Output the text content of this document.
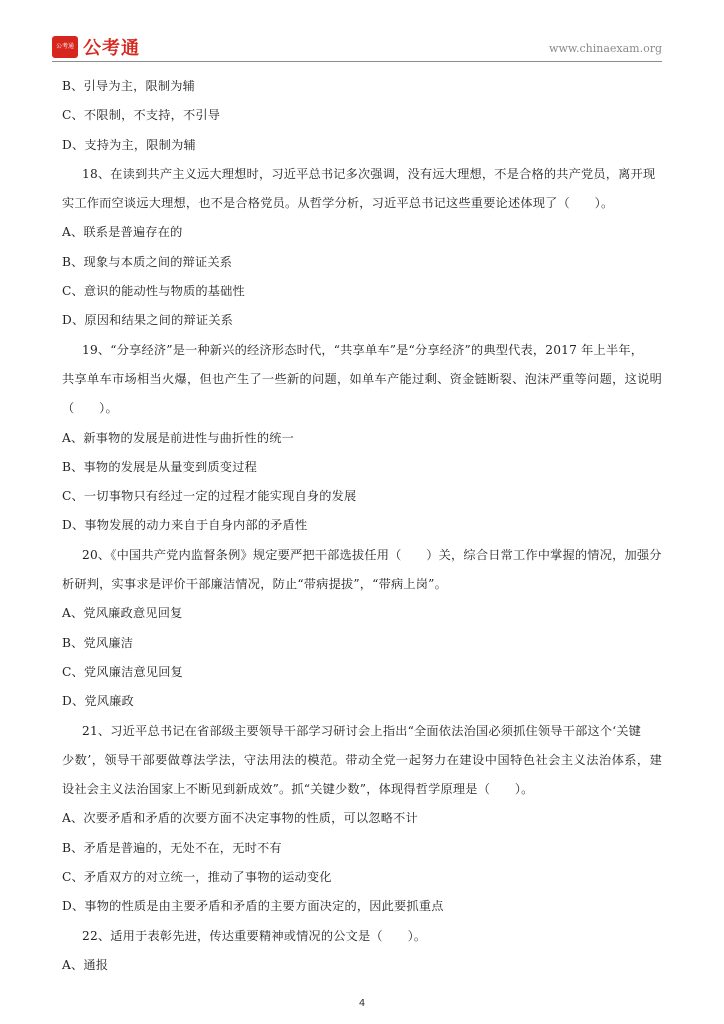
公考通 公考通	www.chinaexam.org
B、引导为主，限制为辅
C、不限制，不支持，不引导
D、支持为主，限制为辅
18、在读到共产主义远大理想时，习近平总书记多次强调，没有远大理想，不是合格的共产党员，离开现
实工作而空谈远大理想，也不是合格党员。从哲学分析，习近平总书记这些重要论述体现了（　　）。
A、联系是普遍存在的
B、现象与本质之间的辩证关系
C、意识的能动性与物质的基础性
D、原因和结果之间的辩证关系
19、“分享经济”是一种新兴的经济形态时代，“共享单车”是“分享经济”的典型代表，2017 年上半年，
共享单车市场相当火爆，但也产生了一些新的问题，如单车产能过剩、资金链断裂、泡沫严重等问题，这说明
（　　）。
A、新事物的发展是前进性与曲折性的统一
B、事物的发展是从量变到质变过程
C、一切事物只有经过一定的过程才能实现自身的发展
D、事物发展的动力来自于自身内部的矛盾性
20、《中国共产党内监督条例》规定要严把干部选拔任用（　　）关，综合日常工作中掌握的情况，加强分
析研判，实事求是评价干部廉洁情况，防止“带病提拔”，“带病上岗”。
A、党风廉政意见回复
B、党风廉洁
C、党风廉洁意见回复
D、党风廉政
21、习近平总书记在省部级主要领导干部学习研讨会上指出“全面依法治国必须抓住领导干部这个‘关键
少数’，领导干部要做尊法学法，守法用法的模范。带动全党一起努力在建设中国特色社会主义法治体系，建
设社会主义法治国家上不断见到新成效”。抓“关键少数”，体现得哲学原理是（　　）。
A、次要矛盾和矛盾的次要方面不决定事物的性质，可以忽略不计
B、矛盾是普遍的，无处不在，无时不有
C、矛盾双方的对立统一，推动了事物的运动变化
D、事物的性质是由主要矛盾和矛盾的主要方面决定的，因此要抓重点
22、适用于表彰先进，传达重要精神或情况的公文是（　　）。
A、通报
4
